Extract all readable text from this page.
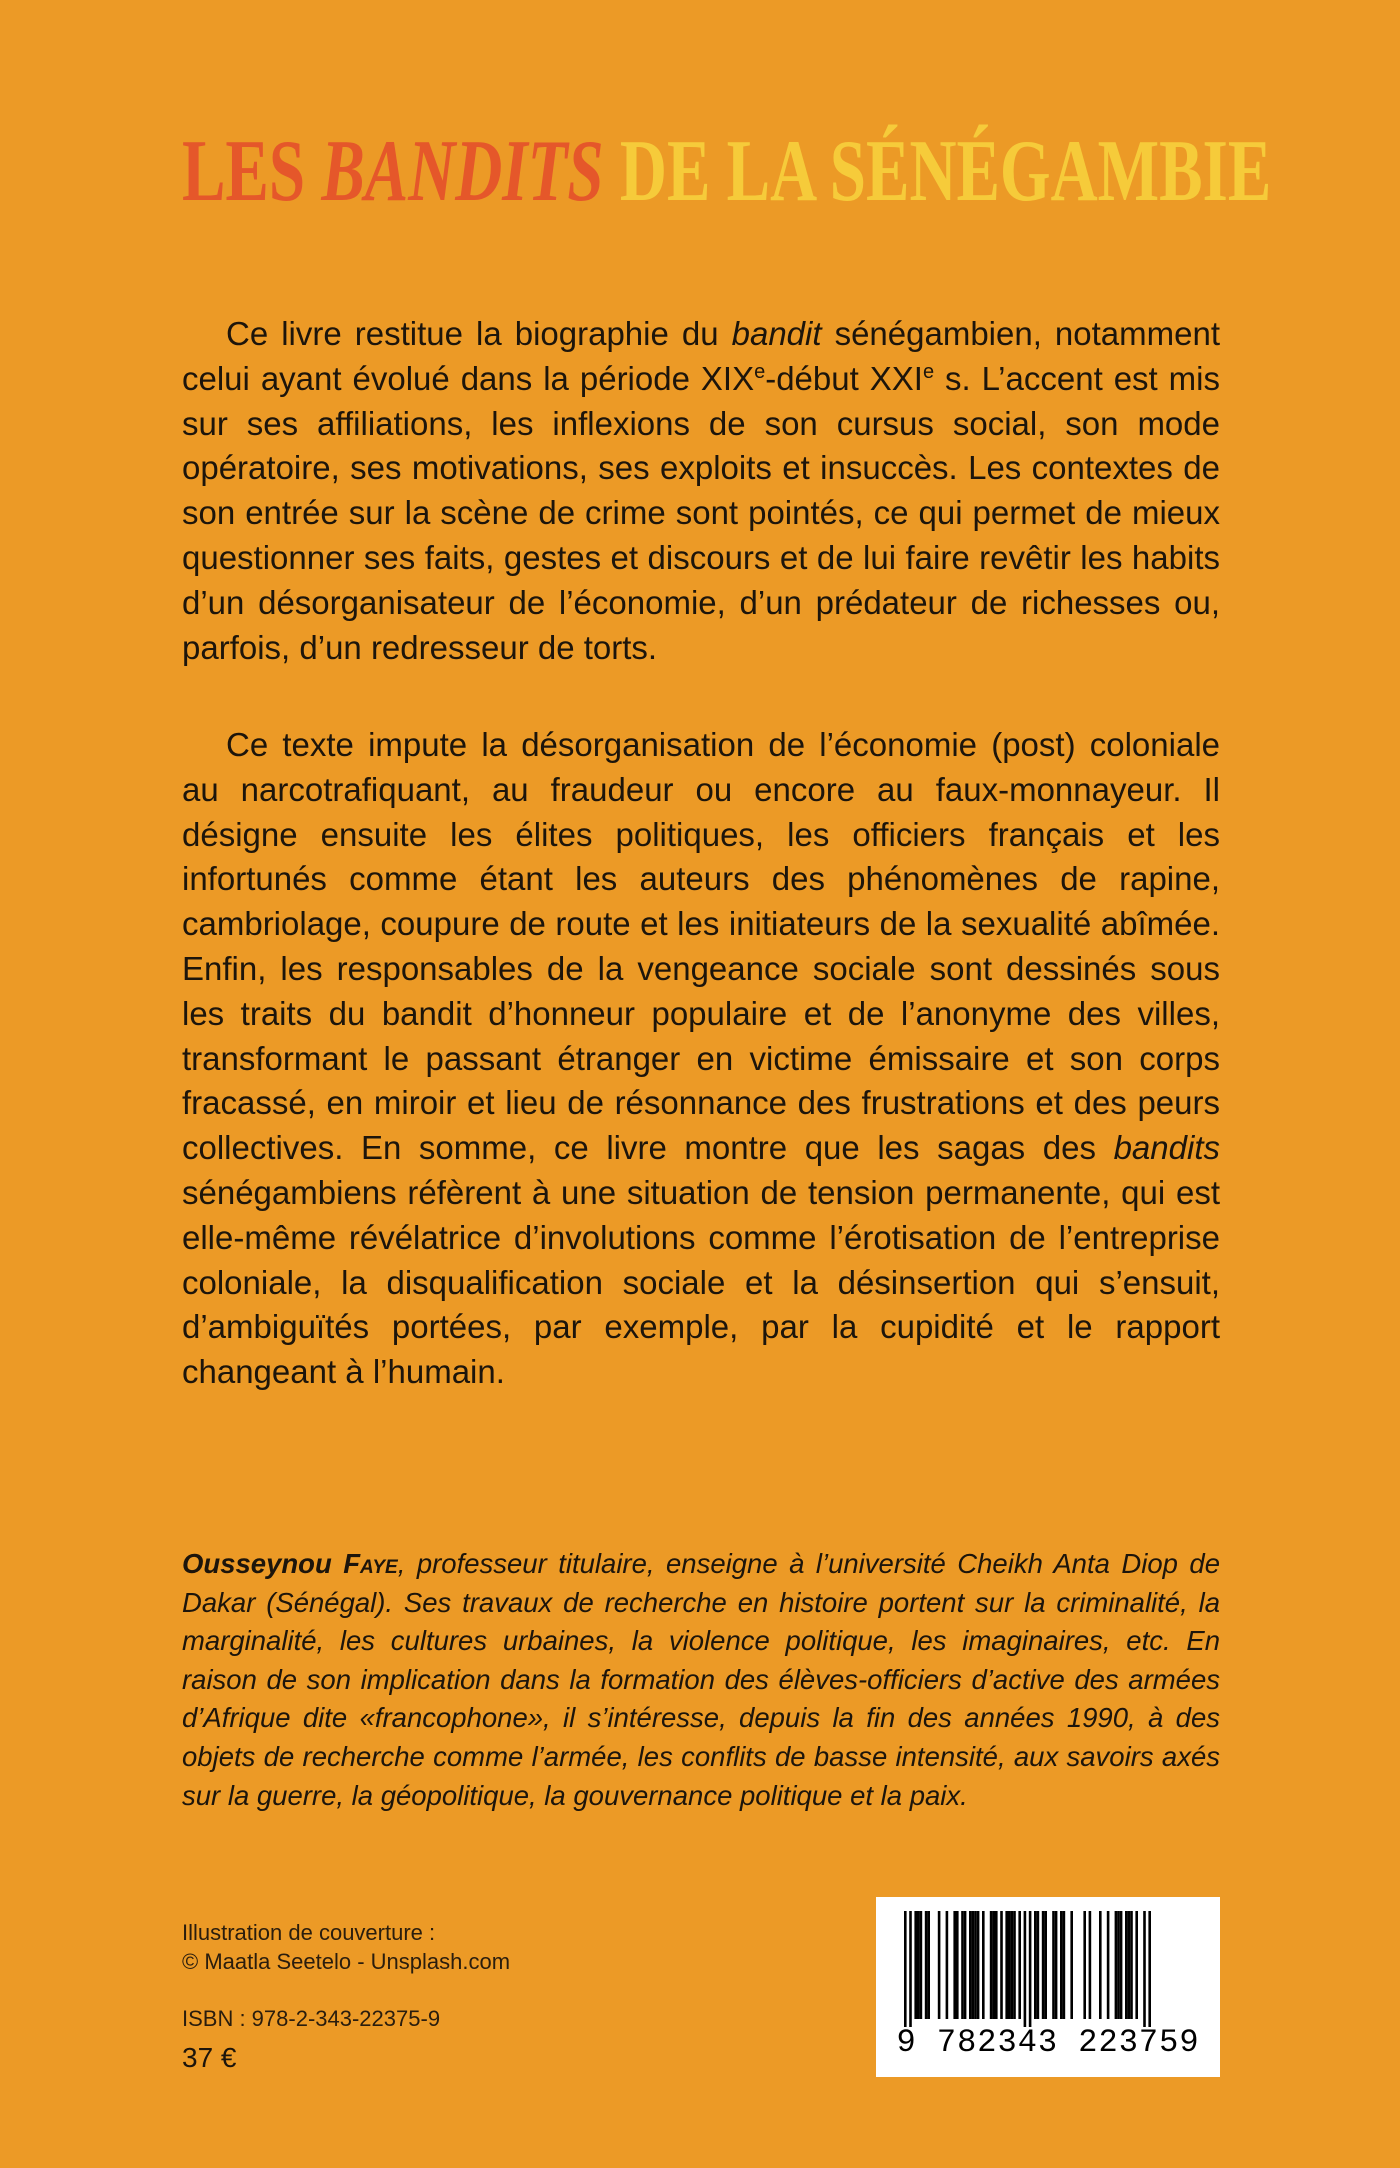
LES BANDITS DE LA SÉNÉGAMBIE

Ce livre restitue la biographie du bandit sénégambien, notamment celui ayant évolué dans la période XIXe-début XXIe s. L’accent est mis sur ses affiliations, les inflexions de son cursus social, son mode opératoire, ses motivations, ses exploits et insuccès. Les contextes de son entrée sur la scène de crime sont pointés, ce qui permet de mieux questionner ses faits, gestes et discours et de lui faire revêtir les habits d’un désorganisateur de l’économie, d’un prédateur de richesses ou, parfois, d’un redresseur de torts.

Ce texte impute la désorganisation de l’économie (post) coloniale au narcotrafiquant, au fraudeur ou encore au faux-monnayeur. Il désigne ensuite les élites politiques, les officiers français et les infortunés comme étant les auteurs des phénomènes de rapine, cambriolage, coupure de route et les initiateurs de la sexualité abîmée. Enfin, les responsables de la vengeance sociale sont dessinés sous les traits du bandit d’honneur populaire et de l’anonyme des villes, transformant le passant étranger en victime émissaire et son corps fracassé, en miroir et lieu de résonnance des frustrations et des peurs collectives. En somme, ce livre montre que les sagas des bandits sénégambiens réfèrent à une situation de tension permanente, qui est elle-même révélatrice d’involutions comme l’érotisation de l’entreprise coloniale, la disqualification sociale et la désinsertion qui s’ensuit, d’ambiguïtés portées, par exemple, par la cupidité et le rapport changeant à l’humain.

Ousseynou Faye, professeur titulaire, enseigne à l’université Cheikh Anta Diop de Dakar (Sénégal). Ses travaux de recherche en histoire portent sur la criminalité, la marginalité, les cultures urbaines, la violence politique, les imaginaires, etc. En raison de son implication dans la formation des élèves-officiers d’active des armées d’Afrique dite «francophone», il s’intéresse, depuis la fin des années 1990, à des objets de recherche comme l’armée, les conflits de basse intensité, aux savoirs axés sur la guerre, la géopolitique, la gouvernance politique et la paix.
Illustration de couverture :
© Maatla Seetelo - Unsplash.com
ISBN : 978-2-343-22375-9
37 €	9 782343 223759
